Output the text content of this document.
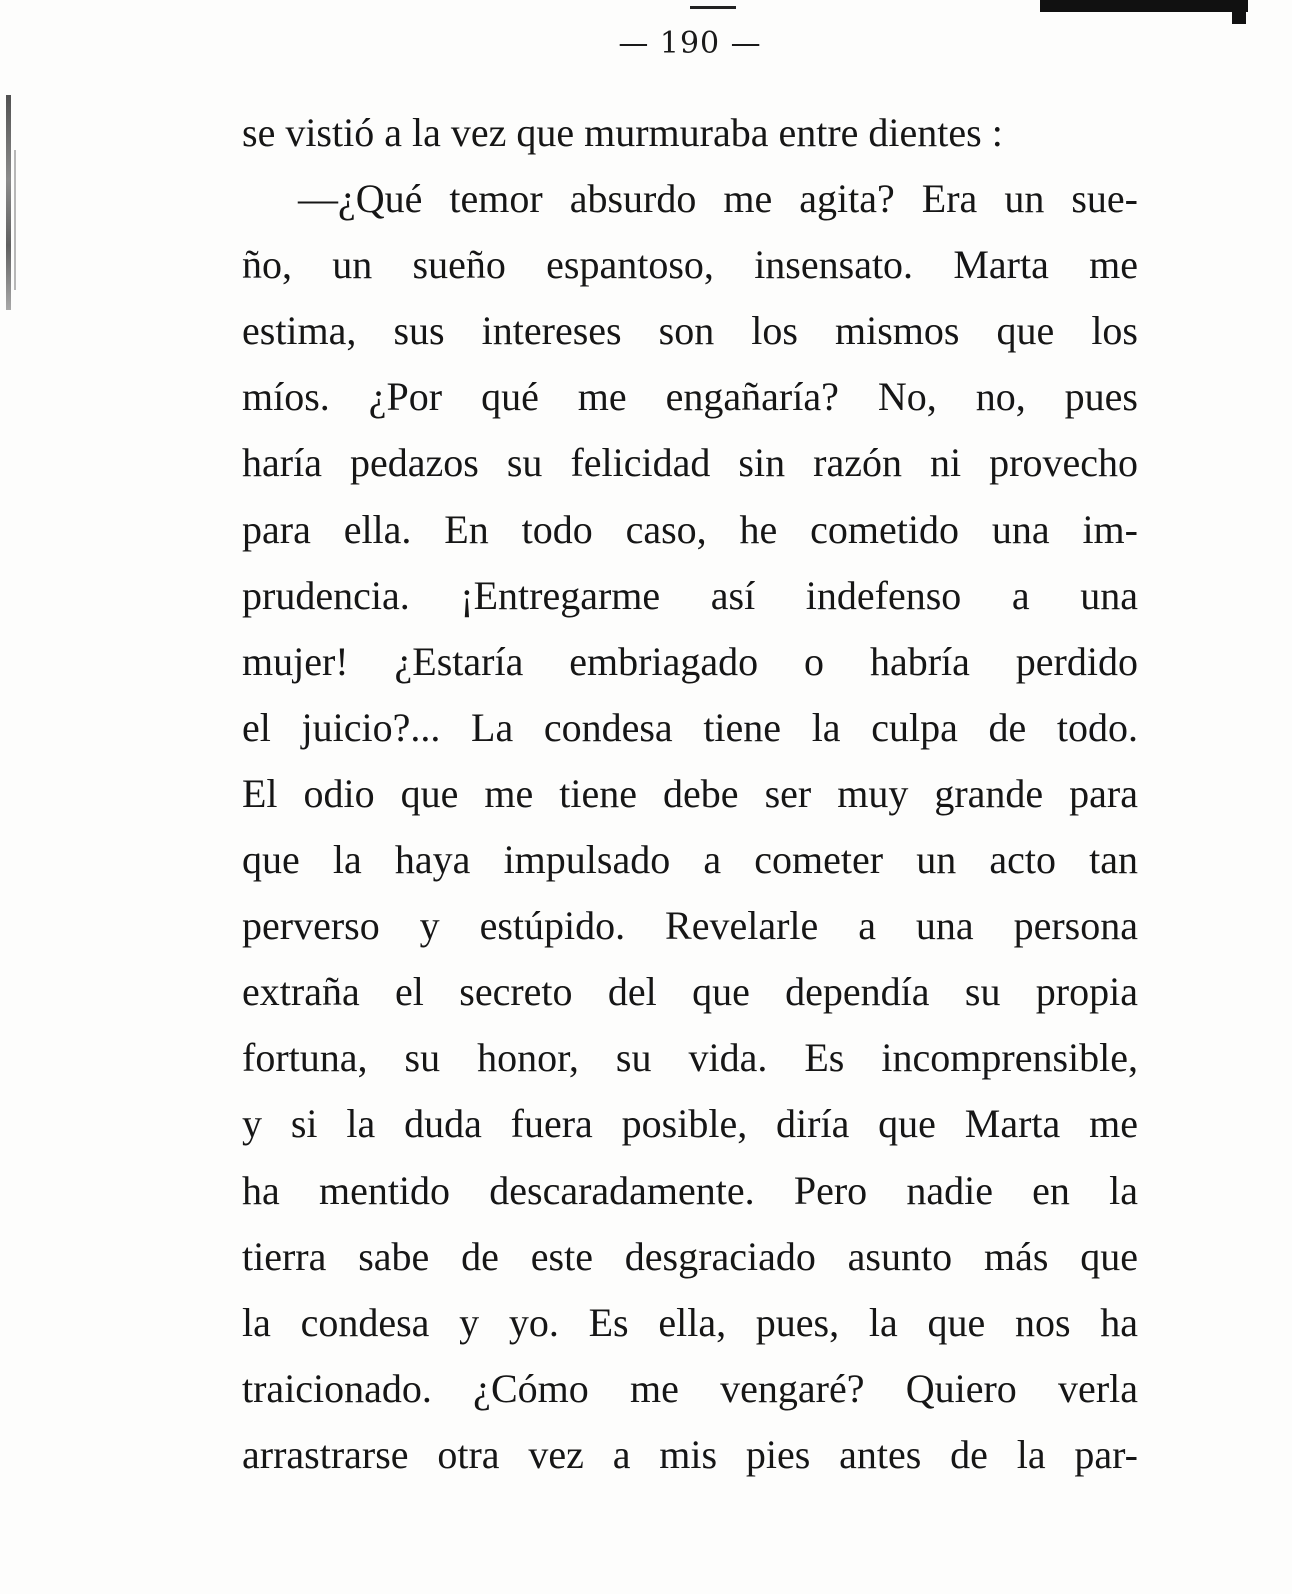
— 190 —
se vistió a la vez que murmuraba entre dientes :
—¿Qué temor absurdo me agita? Era un sue-
ño, un sueño espantoso, insensato. Marta me
estima, sus intereses son los mismos que los
míos. ¿Por qué me engañaría? No, no, pues
haría pedazos su felicidad sin razón ni provecho
para ella. En todo caso, he cometido una im-
prudencia. ¡Entregarme así indefenso a una
mujer! ¿Estaría embriagado o habría perdido
el juicio?... La condesa tiene la culpa de todo.
El odio que me tiene debe ser muy grande para
que la haya impulsado a cometer un acto tan
perverso y estúpido. Revelarle a una persona
extraña el secreto del que dependía su propia
fortuna, su honor, su vida. Es incomprensible,
y si la duda fuera posible, diría que Marta me
ha mentido descaradamente. Pero nadie en la
tierra sabe de este desgraciado asunto más que
la condesa y yo. Es ella, pues, la que nos ha
traicionado. ¿Cómo me vengaré? Quiero verla
arrastrarse otra vez a mis pies antes de la par-
